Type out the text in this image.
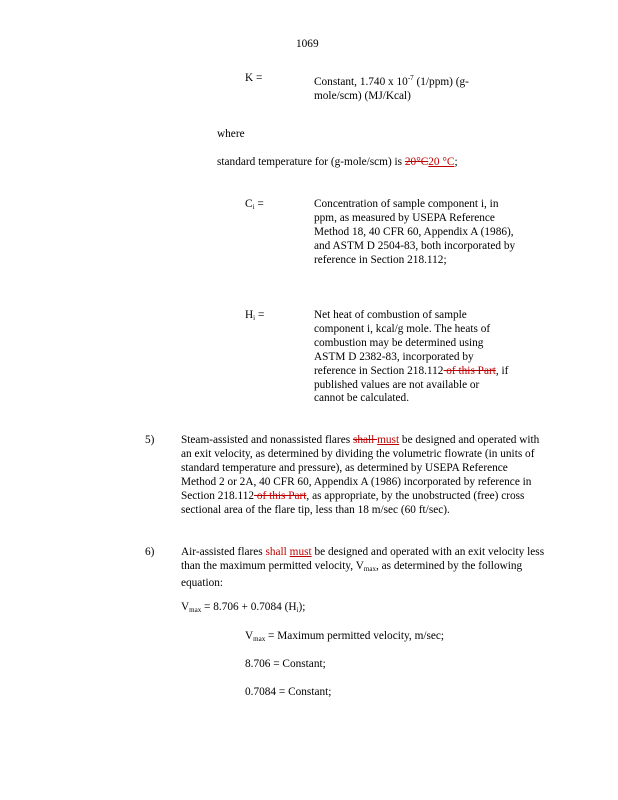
1069
K =	Constant, 1.740 x $10^{-7}$ (1/ppm) (g-mole/scm) (MJ/Kcal)
where
standard temperature for (g-mole/scm) is 20°C20 °C;
$C_i$ =	Concentration of sample component i, in ppm, as measured by USEPA Reference Method 18, 40 CFR 60, Appendix A (1986), and ASTM D 2504-83, both incorporated by reference in Section 218.112;
$H_i$ =	Net heat of combustion of sample component i, kcal/g mole. The heats of combustion may be determined using ASTM D 2382-83, incorporated by reference in Section 218.112 of this Part, if published values are not available or cannot be calculated.
5) Steam-assisted and nonassisted flares shall must be designed and operated with an exit velocity, as determined by dividing the volumetric flowrate (in units of standard temperature and pressure), as determined by USEPA Reference Method 2 or 2A, 40 CFR 60, Appendix A (1986) incorporated by reference in Section 218.112 of this Part, as appropriate, by the unobstructed (free) cross sectional area of the flare tip, less than 18 m/sec (60 ft/sec).
6) Air-assisted flares shall must be designed and operated with an exit velocity less than the maximum permitted velocity, $V_{max}$, as determined by the following equation:
$V_{max} = 8.706 + 0.7084$ $(H_i)$;
$V_{max}$ = Maximum permitted velocity, m/sec;
8.706 = Constant;
0.7084 = Constant;
